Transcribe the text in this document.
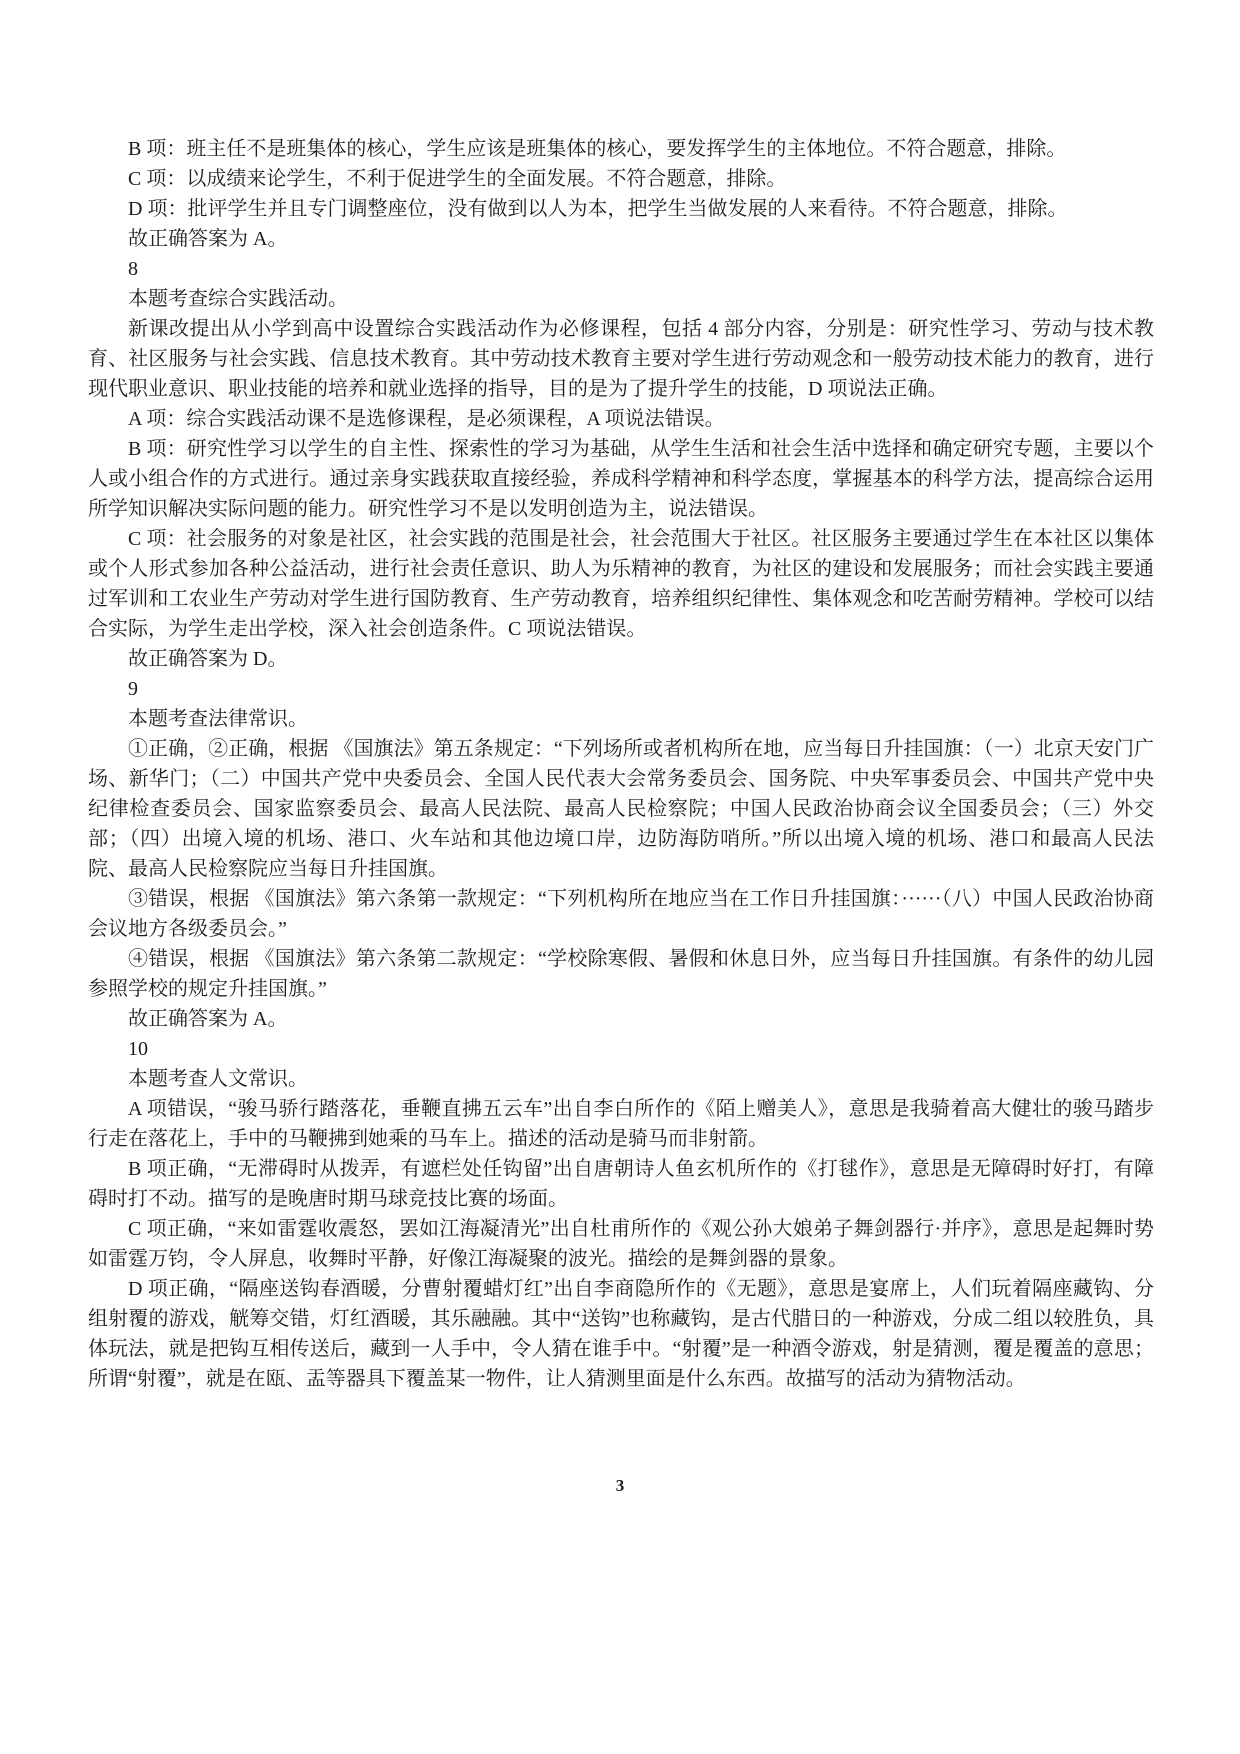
B 项：班主任不是班集体的核心，学生应该是班集体的核心，要发挥学生的主体地位。不符合题意，排除。
C 项：以成绩来论学生，不利于促进学生的全面发展。不符合题意，排除。
D 项：批评学生并且专门调整座位，没有做到以人为本，把学生当做发展的人来看待。不符合题意，排除。
故正确答案为 A。
8
本题考查综合实践活动。
新课改提出从小学到高中设置综合实践活动作为必修课程，包括 4 部分内容，分别是：研究性学习、劳动与技术教育、社区服务与社会实践、信息技术教育。其中劳动技术教育主要对学生进行劳动观念和一般劳动技术能力的教育，进行现代职业意识、职业技能的培养和就业选择的指导，目的是为了提升学生的技能，D 项说法正确。
A 项：综合实践活动课不是选修课程，是必须课程，A 项说法错误。
B 项：研究性学习以学生的自主性、探索性的学习为基础，从学生生活和社会生活中选择和确定研究专题，主要以个人或小组合作的方式进行。通过亲身实践获取直接经验，养成科学精神和科学态度，掌握基本的科学方法，提高综合运用所学知识解决实际问题的能力。研究性学习不是以发明创造为主，说法错误。
C 项：社会服务的对象是社区，社会实践的范围是社会，社会范围大于社区。社区服务主要通过学生在本社区以集体或个人形式参加各种公益活动，进行社会责任意识、助人为乐精神的教育，为社区的建设和发展服务；而社会实践主要通过军训和工农业生产劳动对学生进行国防教育、生产劳动教育，培养组织纪律性、集体观念和吃苦耐劳精神。学校可以结合实际，为学生走出学校，深入社会创造条件。C 项说法错误。
故正确答案为 D。
9
本题考查法律常识。
①正确，②正确，根据 《国旗法》第五条规定：“下列场所或者机构所在地，应当每日升挂国旗：（一）北京天安门广场、新华门；（二）中国共产党中央委员会、全国人民代表大会常务委员会、国务院、中央军事委员会、中国共产党中央纪律检查委员会、国家监察委员会、最高人民法院、最高人民检察院；中国人民政治协商会议全国委员会；（三）外交部；（四）出境入境的机场、港口、火车站和其他边境口岸，边防海防哨所。”所以出境入境的机场、港口和最高人民法院、最高人民检察院应当每日升挂国旗。
③错误，根据 《国旗法》第六条第一款规定：“下列机构所在地应当在工作日升挂国旗：······（八）中国人民政治协商会议地方各级委员会。”
④错误，根据 《国旗法》第六条第二款规定：“学校除寒假、暑假和休息日外，应当每日升挂国旗。有条件的幼儿园参照学校的规定升挂国旗。”
故正确答案为 A。
10
本题考查人文常识。
A 项错误，“骏马骄行踏落花，垂鞭直拂五云车”出自李白所作的《陌上赠美人》，意思是我骑着高大健壮的骏马踏步行走在落花上，手中的马鞭拂到她乘的马车上。描述的活动是骑马而非射箭。
B 项正确，“无滞碍时从拨弄，有遮栏处任钩留”出自唐朝诗人鱼玄机所作的《打毬作》，意思是无障碍时好打，有障碍时打不动。描写的是晚唐时期马球竞技比赛的场面。
C 项正确，“来如雷霆收震怒，罢如江海凝清光”出自杜甫所作的《观公孙大娘弟子舞剑器行·并序》，意思是起舞时势如雷霆万钧，令人屏息，收舞时平静，好像江海凝聚的波光。描绘的是舞剑器的景象。
D 项正确，“隔座送钩春酒暖，分曹射覆蜡灯红”出自李商隐所作的《无题》，意思是宴席上，人们玩着隔座藏钩、分组射覆的游戏，觥筹交错，灯红酒暖，其乐融融。其中“送钩”也称藏钩，是古代腊日的一种游戏，分成二组以较胜负，具体玩法，就是把钩互相传送后，藏到一人手中，令人猜在谁手中。“射覆”是一种酒令游戏，射是猜测，覆是覆盖的意思；所谓“射覆”，就是在瓯、盂等器具下覆盖某一物件，让人猜测里面是什么东西。故描写的活动为猜物活动。
3
